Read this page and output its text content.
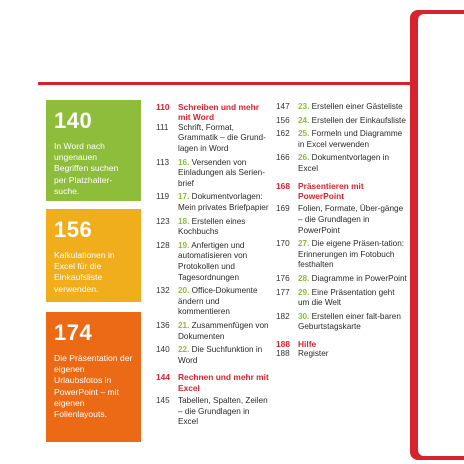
140
In Word nach ungenauen Begriffen suchen per Platzhalter-suche.
156
Kalkulationen in Excel für die Einkaufsliste verwenden.
174
Die Präsentation der eigenen Urlaubsfotos in PowerPoint – mit eigenen Folienlayouts.
110	Schreiben und mehr mit Word
111	Schrift, Format, Grammatik – die Grund-lagen in Word
113	16. Versenden von Einladungen als Serien-brief
119	17. Dokumentvorlagen: Mein privates Briefpapier
123	18. Erstellen eines Kochbuchs
128	19. Anfertigen und automatisieren von Protokollen und Tagesordnungen
132	20. Office-Dokumente ändern und kommentieren
136	21. Zusammenfügen von Dokumenten
140	22. Die Suchfunktion in Word
144 Rechnen und mehr mit Excel
145	Tabellen, Spalten, Zeilen – die Grundlagen in Excel
147	23. Erstellen einer Gästeliste
156	24. Erstellen der Einkaufsliste
162	25. Formeln und Diagramme in Excel verwenden
166	26. Dokumentvorlagen in Excel
168 Präsentieren mit PowerPoint
169	Folien, Formate, Über-gänge – die Grundlagen in PowerPoint
170	27. Die eigene Präsen-tation: Erinnerungen im Fotobuch festhalten
176	28. Diagramme in PowerPoint
177	29. Eine Präsentation geht um die Welt
182	30. Erstellen einer falt-baren Geburtstagskarte
188 Hilfe
188	Register
